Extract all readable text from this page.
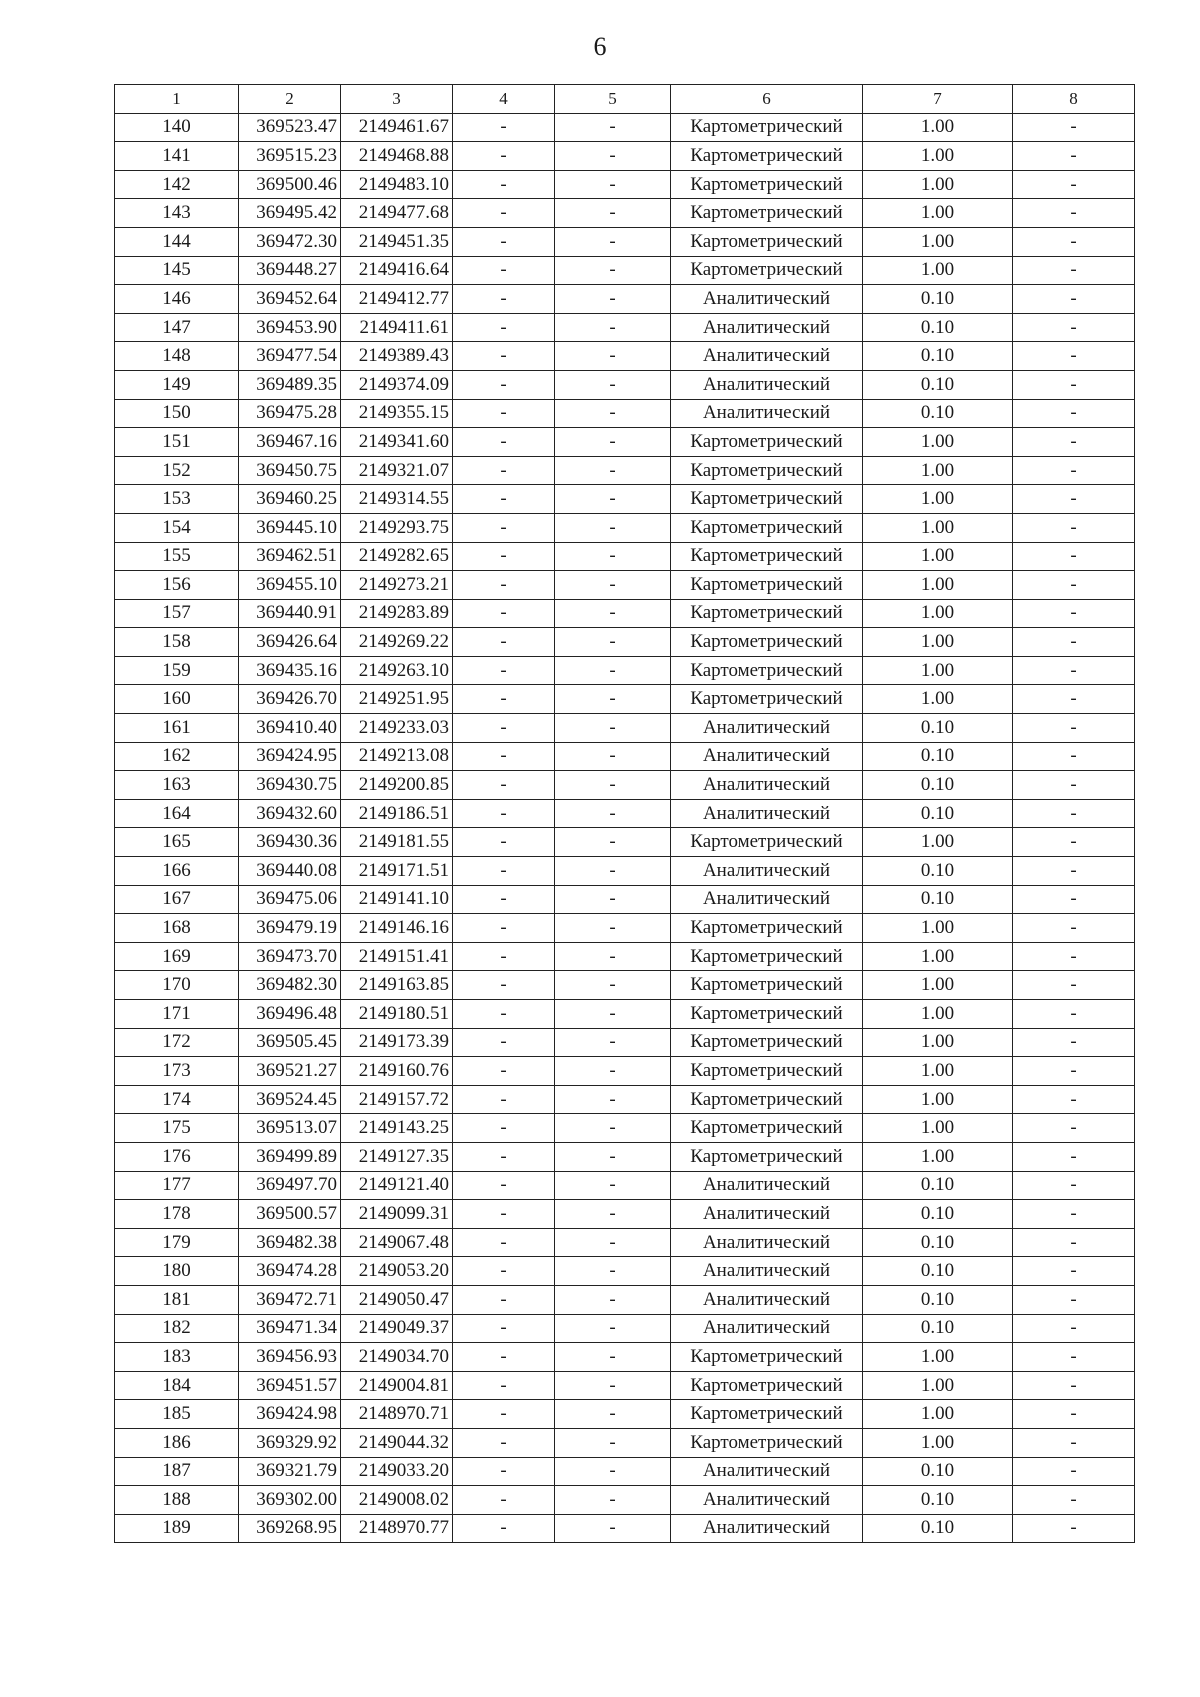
6
1	2	3	4	5	6	7	8
140	369523.47	2149461.67	-	-	Картометрический	1.00	-
141	369515.23	2149468.88	-	-	Картометрический	1.00	-
142	369500.46	2149483.10	-	-	Картометрический	1.00	-
143	369495.42	2149477.68	-	-	Картометрический	1.00	-
144	369472.30	2149451.35	-	-	Картометрический	1.00	-
145	369448.27	2149416.64	-	-	Картометрический	1.00	-
146	369452.64	2149412.77	-	-	Аналитический	0.10	-
147	369453.90	2149411.61	-	-	Аналитический	0.10	-
148	369477.54	2149389.43	-	-	Аналитический	0.10	-
149	369489.35	2149374.09	-	-	Аналитический	0.10	-
150	369475.28	2149355.15	-	-	Аналитический	0.10	-
151	369467.16	2149341.60	-	-	Картометрический	1.00	-
152	369450.75	2149321.07	-	-	Картометрический	1.00	-
153	369460.25	2149314.55	-	-	Картометрический	1.00	-
154	369445.10	2149293.75	-	-	Картометрический	1.00	-
155	369462.51	2149282.65	-	-	Картометрический	1.00	-
156	369455.10	2149273.21	-	-	Картометрический	1.00	-
157	369440.91	2149283.89	-	-	Картометрический	1.00	-
158	369426.64	2149269.22	-	-	Картометрический	1.00	-
159	369435.16	2149263.10	-	-	Картометрический	1.00	-
160	369426.70	2149251.95	-	-	Картометрический	1.00	-
161	369410.40	2149233.03	-	-	Аналитический	0.10	-
162	369424.95	2149213.08	-	-	Аналитический	0.10	-
163	369430.75	2149200.85	-	-	Аналитический	0.10	-
164	369432.60	2149186.51	-	-	Аналитический	0.10	-
165	369430.36	2149181.55	-	-	Картометрический	1.00	-
166	369440.08	2149171.51	-	-	Аналитический	0.10	-
167	369475.06	2149141.10	-	-	Аналитический	0.10	-
168	369479.19	2149146.16	-	-	Картометрический	1.00	-
169	369473.70	2149151.41	-	-	Картометрический	1.00	-
170	369482.30	2149163.85	-	-	Картометрический	1.00	-
171	369496.48	2149180.51	-	-	Картометрический	1.00	-
172	369505.45	2149173.39	-	-	Картометрический	1.00	-
173	369521.27	2149160.76	-	-	Картометрический	1.00	-
174	369524.45	2149157.72	-	-	Картометрический	1.00	-
175	369513.07	2149143.25	-	-	Картометрический	1.00	-
176	369499.89	2149127.35	-	-	Картометрический	1.00	-
177	369497.70	2149121.40	-	-	Аналитический	0.10	-
178	369500.57	2149099.31	-	-	Аналитический	0.10	-
179	369482.38	2149067.48	-	-	Аналитический	0.10	-
180	369474.28	2149053.20	-	-	Аналитический	0.10	-
181	369472.71	2149050.47	-	-	Аналитический	0.10	-
182	369471.34	2149049.37	-	-	Аналитический	0.10	-
183	369456.93	2149034.70	-	-	Картометрический	1.00	-
184	369451.57	2149004.81	-	-	Картометрический	1.00	-
185	369424.98	2148970.71	-	-	Картометрический	1.00	-
186	369329.92	2149044.32	-	-	Картометрический	1.00	-
187	369321.79	2149033.20	-	-	Аналитический	0.10	-
188	369302.00	2149008.02	-	-	Аналитический	0.10	-
189	369268.95	2148970.77	-	-	Аналитический	0.10	-
